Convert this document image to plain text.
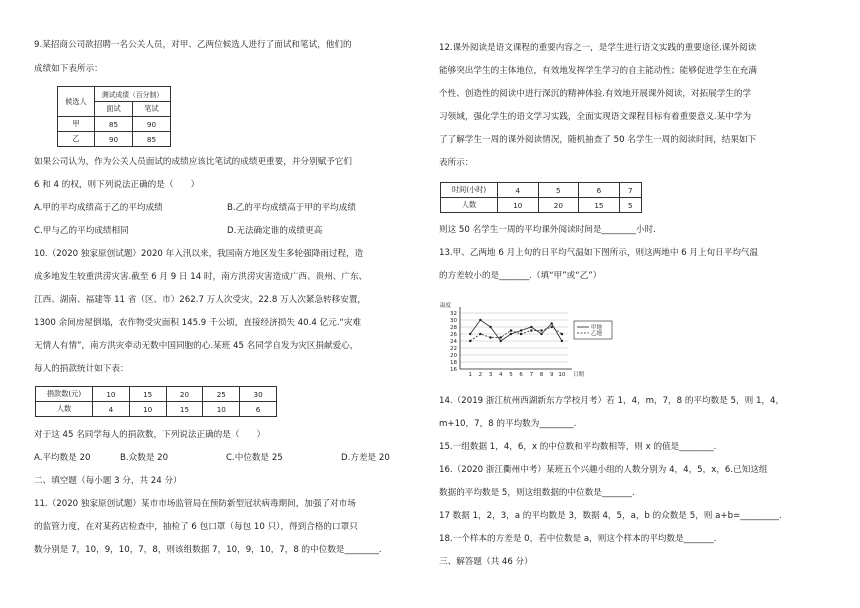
9.某招商公司欲招聘一名公关人员，对甲、乙两位候选人进行了面试和笔试，他们的
成绩如下表所示：
候选人	测试成绩（百分制）	
	面试	笔试
甲	85	90
乙	90	85
如果公司认为，作为公关人员面试的成绩应该比笔试的成绩更重要，并分别赋予它们
6 和 4 的权，则下列说法正确的是（　　）
A.甲的平均成绩高于乙的平均成绩	B.乙的平均成绩高于甲的平均成绩
C.甲与乙的平均成绩相同	D.无法确定谁的成绩更高
10.（2020 独家原创试题）2020 年入汛以来，我国南方地区发生多轮强降雨过程，造
成多地发生较重洪涝灾害.截至 6 月 9 日 14 时，南方洪涝灾害造成广西、贵州、广东、
江西、湖南、福建等 11 省（区、市）262.7 万人次受灾，22.8 万人次紧急转移安置，
1300 余间房屋倒塌，农作物受灾面积 145.9 千公顷，直接经济损失 40.4 亿元.“灾难
无情人有情”，南方洪灾牵动无数中国同胞的心.某班 45 名同学自发为灾区捐献爱心，
每人的捐款统计如下表：
捐款数(元)	10	15	20	25	30
人数	4	10	15	10	6
对于这 45 名同学每人的捐款数，下列说法正确的是（　　）
A.平均数是 20	B.众数是 20	C.中位数是 25	D.方差是 20
二、填空题（每小题 3 分，共 24 分）
11.（2020 独家原创试题）某市市场监管局在预防新型冠状病毒期间，加强了对市场
的监管力度，在对某药店检查中，抽检了 6 包口罩（每包 10 只），得到合格的口罩只
数分别是 7，10，9，10，7，8，则该组数据 7，10，9，10，7，8 的中位数是________.
12.课外阅读是语文课程的重要内容之一，是学生进行语文实践的重要途径.课外阅读
能够突出学生的主体地位，有效地发挥学生学习的自主能动性；能够促进学生在充满
个性、创造性的阅读中进行深沉的精神体验.有效地开展课外阅读，对拓展学生的学
习领域，强化学生的语文学习实践，全面实现语文课程目标有着重要意义.某中学为
了了解学生一周的课外阅读情况，随机抽查了 50 名学生一周的阅读时间，结果如下
表所示：
时间(小时)	4	5	6	7
人数	10	20	15	5
则这 50 名学生一周的平均课外阅读时间是________小时.
13.甲、乙两地 6 月上旬的日平均气温如下图所示，则这两地中 6 月上旬日平均气温
的方差较小的是_______.（填“甲”或“乙”）
16
18
20
22
24
26
28
30
32
温度
1 2 3 4 5 6 7 8 9 10 日期
甲地
乙地
14.（2019 浙江杭州西湖新东方学校月考）若 1，4，m，7，8 的平均数是 5，则 1，4，
m+10，7，8 的平均数为________.
15.一组数据 1，4，6，x 的中位数和平均数相等，则 x 的值是________.
16.（2020 浙江衢州中考）某班五个兴趣小组的人数分别为 4，4，5，x，6.已知这组
数据的平均数是 5，则这组数据的中位数是_______.
17 数据 1，2，3，a 的平均数是 3，数据 4，5，a，b 的众数是 5，则 a+b=_________.
18.一个样本的方差是 0，若中位数是 a，则这个样本的平均数是_______.
三、解答题（共 46 分）
